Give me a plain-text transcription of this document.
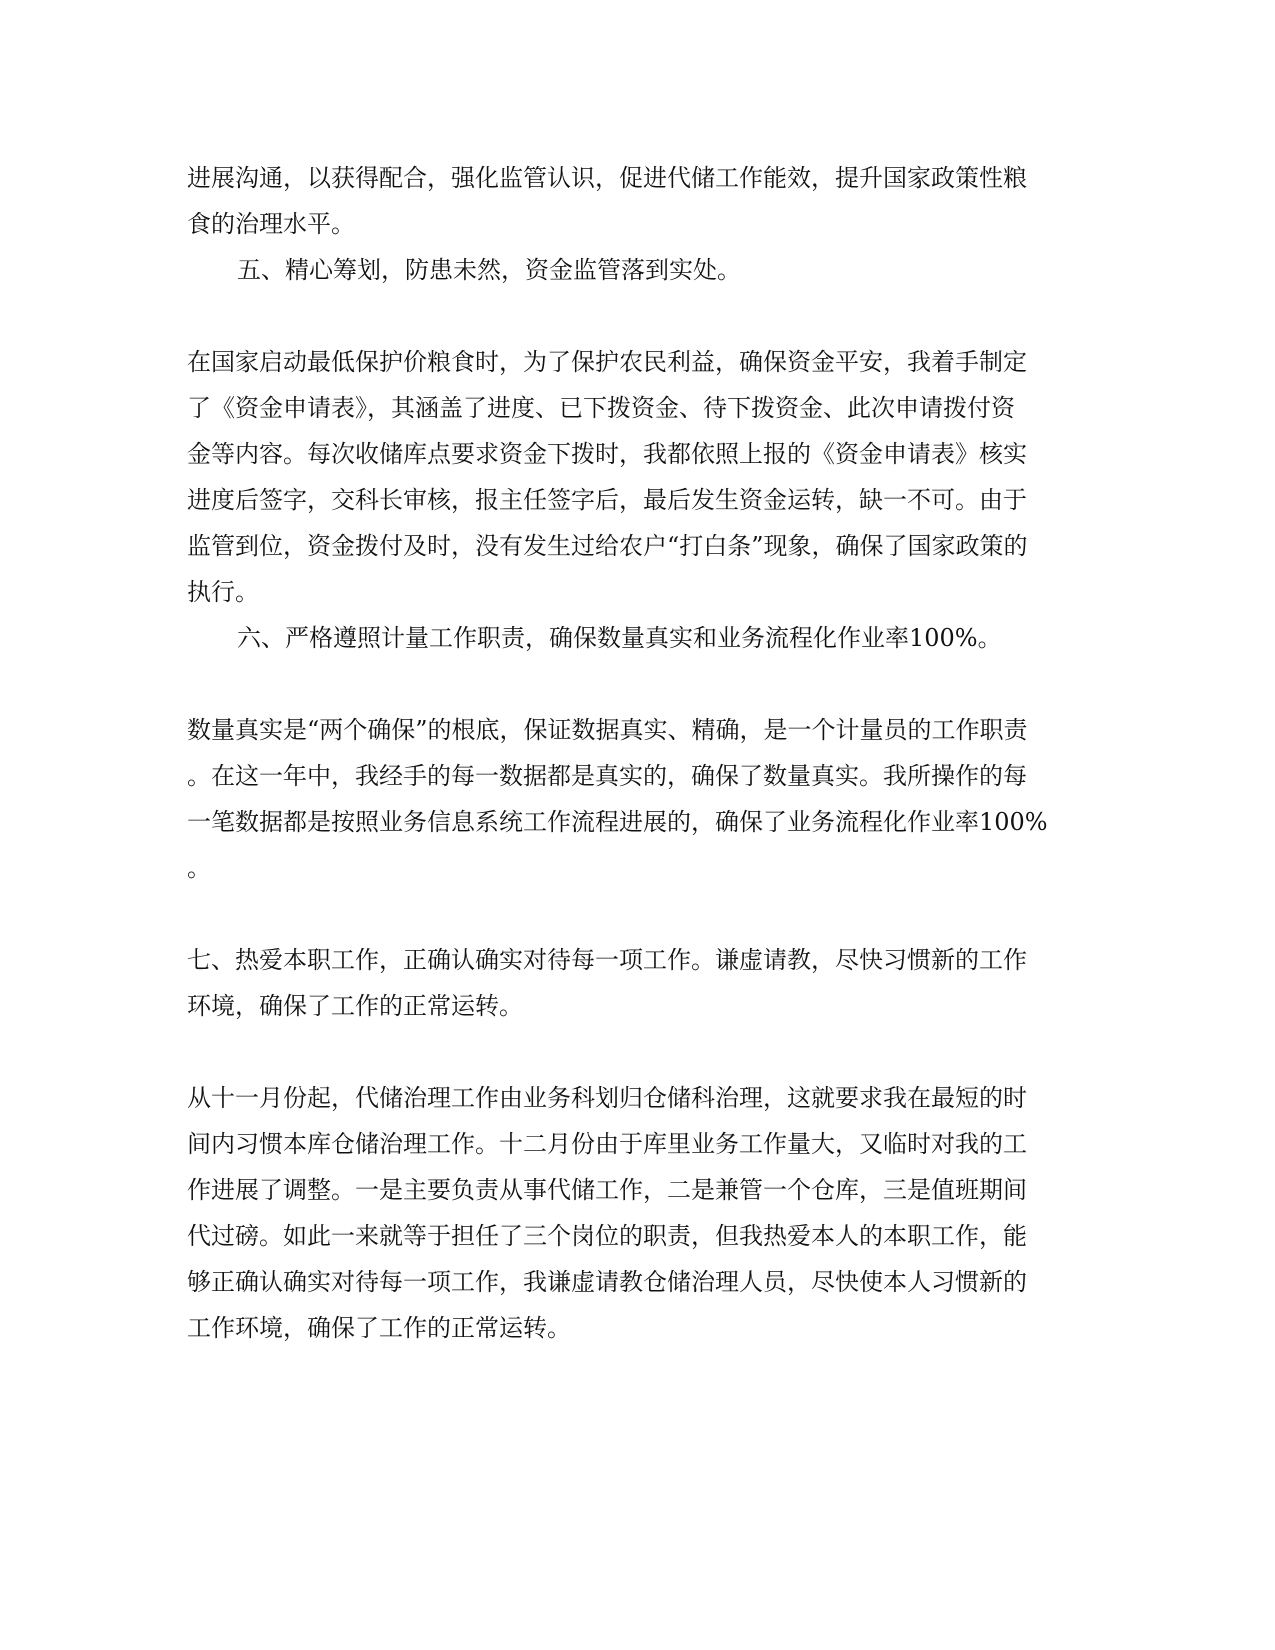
进展沟通，以获得配合，强化监管认识，促进代储工作能效，提升国家政策性粮
食的治理水平。
五、精心筹划，防患未然，资金监管落到实处。
在国家启动最低保护价粮食时，为了保护农民利益，确保资金平安，我着手制定
了《资金申请表》，其涵盖了进度、已下拨资金、待下拨资金、此次申请拨付资
金等内容。每次收储库点要求资金下拨时，我都依照上报的《资金申请表》核实
进度后签字，交科长审核，报主任签字后，最后发生资金运转，缺一不可。由于
监管到位，资金拨付及时，没有发生过给农户“打白条”现象，确保了国家政策的
执行。
六、严格遵照计量工作职责，确保数量真实和业务流程化作业率100%。
数量真实是“两个确保”的根底，保证数据真实、精确，是一个计量员的工作职责
。在这一年中，我经手的每一数据都是真实的，确保了数量真实。我所操作的每
一笔数据都是按照业务信息系统工作流程进展的，确保了业务流程化作业率100%
。
七、热爱本职工作，正确认确实对待每一项工作。谦虚请教，尽快习惯新的工作
环境，确保了工作的正常运转。
从十一月份起，代储治理工作由业务科划归仓储科治理，这就要求我在最短的时
间内习惯本库仓储治理工作。十二月份由于库里业务工作量大，又临时对我的工
作进展了调整。一是主要负责从事代储工作，二是兼管一个仓库，三是值班期间
代过磅。如此一来就等于担任了三个岗位的职责，但我热爱本人的本职工作，能
够正确认确实对待每一项工作，我谦虚请教仓储治理人员，尽快使本人习惯新的
工作环境，确保了工作的正常运转。
